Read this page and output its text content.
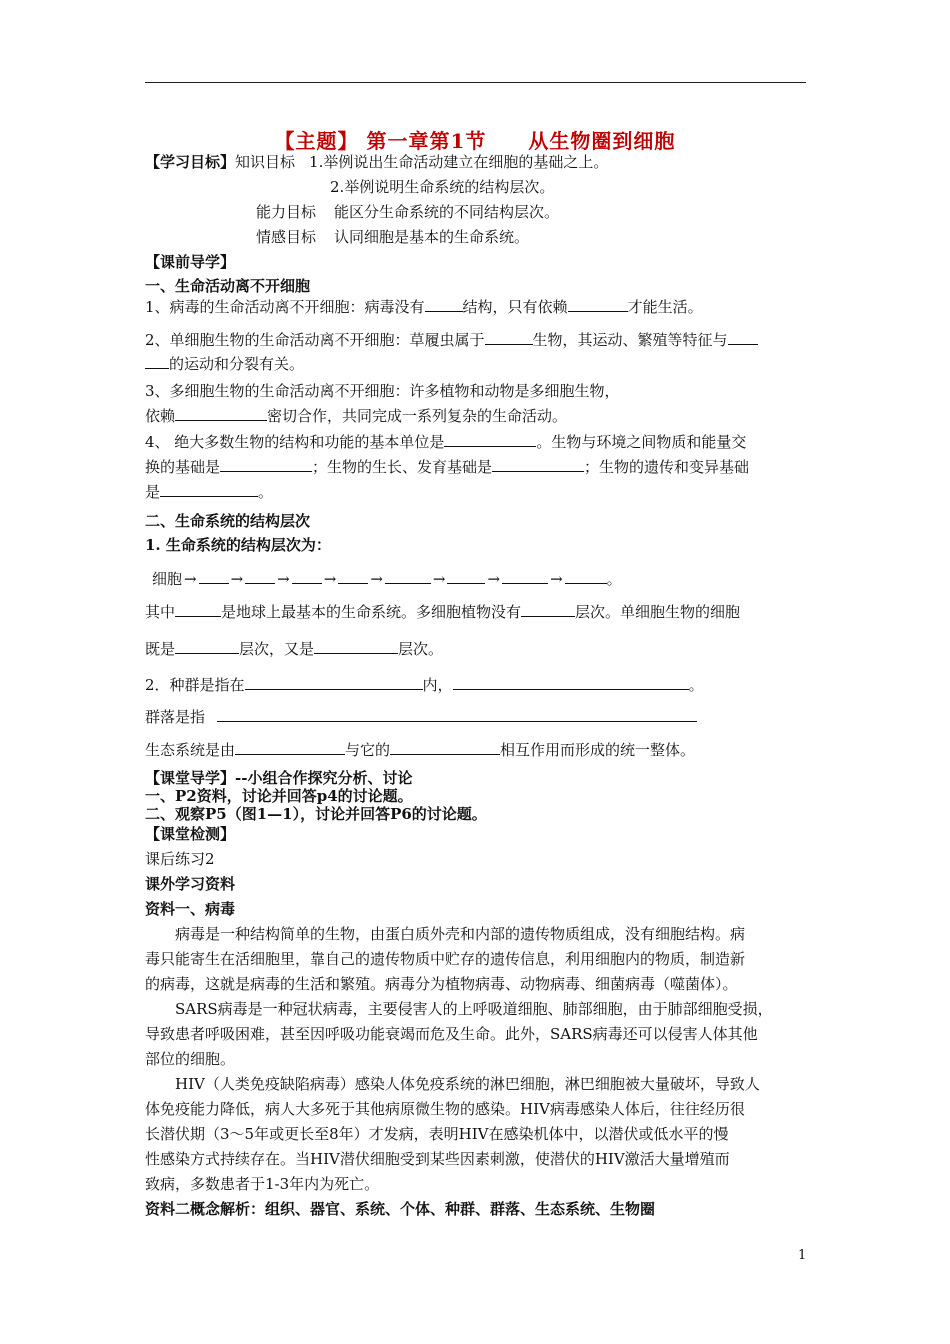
【主题】 第一章第1节　　从生物圈到细胞
【学习目标】知识目标 1.举例说出生命活动建立在细胞的基础之上。
2.举例说明生命系统的结构层次。
能力目标 能区分生命系统的不同结构层次。
情感目标 认同细胞是基本的生命系统。
【课前导学】
一、生命活动离不开细胞
1、病毒的生命活动离不开细胞：病毒没有	结构，只有依赖	才能生活。
2、单细胞生物的生命活动离不开细胞：草履虫属于	生物，其运动、繁殖等特征与
的运动和分裂有关。
3、多细胞生物的生命活动离不开细胞：许多植物和动物是多细胞生物，
依赖	密切合作，共同完成一系列复杂的生命活动。
4、 绝大多数生物的结构和功能的基本单位是	。生物与环境之间物质和能量交
换的基础是	；生物的生长、发育基础是	；生物的遗传和变异基础
是	。
二、生命系统的结构层次
1. 生命系统的结构层次为：
细胞 → → → → →	→	→	→	。
其中	是地球上最基本的生命系统。多细胞植物没有	层次。单细胞生物的细胞
既是	层次，又是	层次。
2．种群是指在	内，	。
群落是指
生态系统是由	与它的	相互作用而形成的统一整体。
【课堂导学】--小组合作探究分析、讨论
一、P2资料，讨论并回答p4的讨论题。
二、观察P5（图1—1），讨论并回答P6的讨论题。
【课堂检测】
课后练习2
课外学习资料
资料一、病毒
病毒是一种结构简单的生物，由蛋白质外壳和内部的遗传物质组成，没有细胞结构。病
毒只能寄生在活细胞里，靠自己的遗传物质中贮存的遗传信息，利用细胞内的物质，制造新
的病毒，这就是病毒的生活和繁殖。病毒分为植物病毒、动物病毒、细菌病毒（噬菌体）。
SARS病毒是一种冠状病毒，主要侵害人的上呼吸道细胞、肺部细胞，由于肺部细胞受损，
导致患者呼吸困难，甚至因呼吸功能衰竭而危及生命。此外，SARS病毒还可以侵害人体其他
部位的细胞。
HIV（人类免疫缺陷病毒）感染人体免疫系统的淋巴细胞，淋巴细胞被大量破坏，导致人
体免疫能力降低，病人大多死于其他病原微生物的感染。HIV病毒感染人体后，往往经历很
长潜伏期（3～5年或更长至8年）才发病，表明HIV在感染机体中，以潜伏或低水平的慢
性感染方式持续存在。当HIV潜伏细胞受到某些因素刺激，使潜伏的HIV激活大量增殖而
致病，多数患者于1-3年内为死亡。
资料二概念解析：组织、器官、系统、个体、种群、群落、生态系统、生物圈
1
